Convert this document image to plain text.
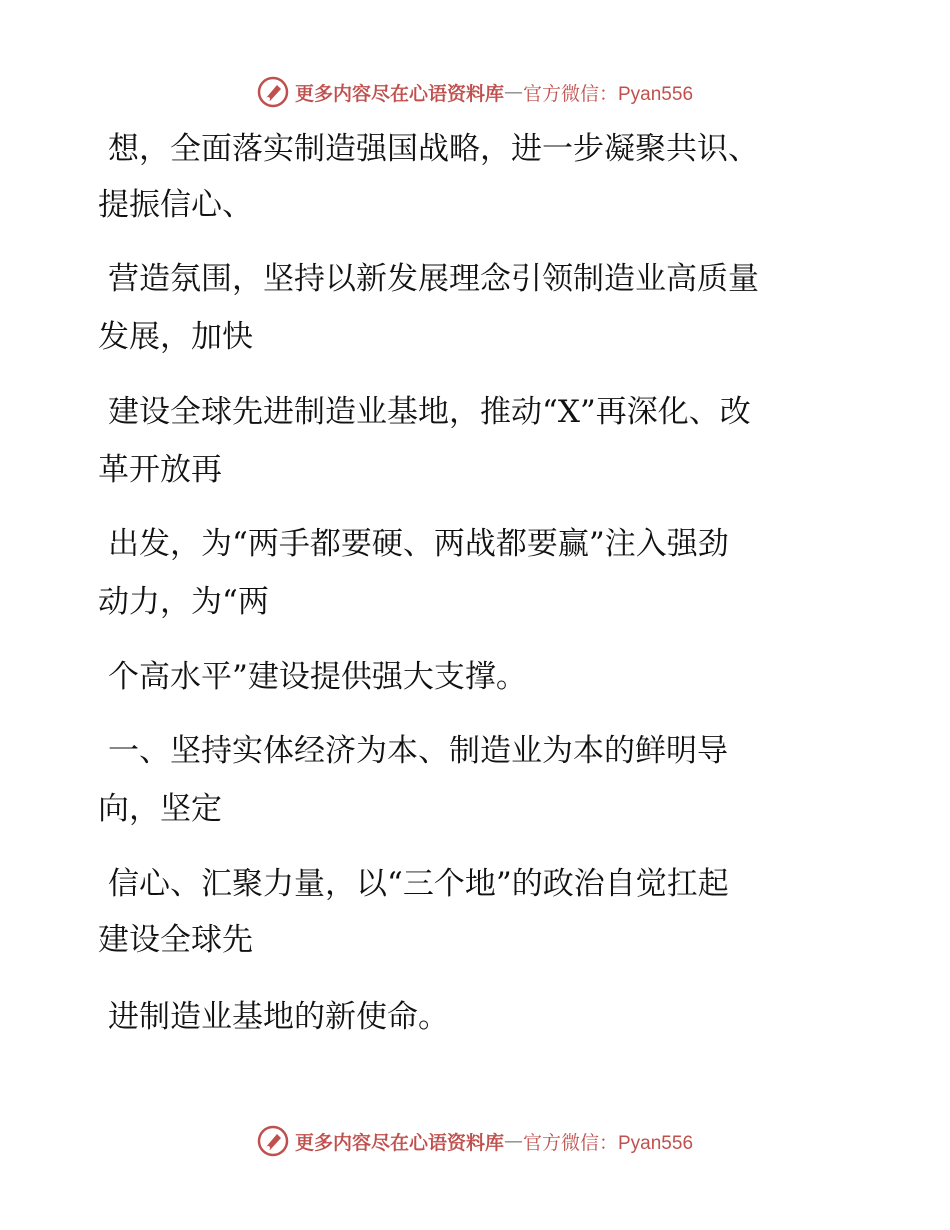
更多内容尽在心语资料库 — 官方微信：Pyan556
想，全面落实制造强国战略，进一步凝聚共识、
提振信心、
营造氛围，坚持以新发展理念引领制造业高质量
发展，加快
建设全球先进制造业基地，推动“X”再深化、改
革开放再
出发，为“两手都要硬、两战都要赢”注入强劲
动力，为“两
个高水平”建设提供强大支撑。
一、坚持实体经济为本、制造业为本的鲜明导
向，坚定
信心、汇聚力量，以“三个地”的政治自觉扛起
建设全球先
进制造业基地的新使命。
更多内容尽在心语资料库 — 官方微信：Pyan556
